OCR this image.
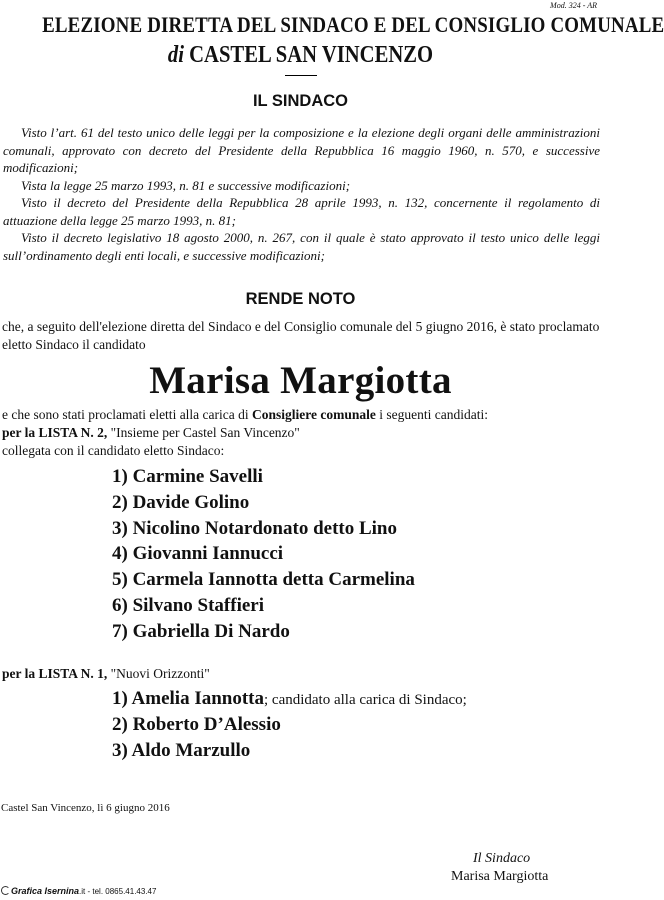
Mod. 324 - AR
ELEZIONE DIRETTA DEL SINDACO E DEL CONSIGLIO COMUNALE
di CASTEL SAN VINCENZO
IL SINDACO

Visto l’art. 61 del testo unico delle leggi per la composizione e la elezione degli organi delle amministrazioni comunali, approvato con decreto del Presidente della Repubblica 16 maggio 1960, n. 570, e successive modificazioni;

Vista la legge 25 marzo 1993, n. 81 e successive modificazioni;

Visto il decreto del Presidente della Repubblica 28 aprile 1993, n. 132, concernente il regolamento di attuazione della legge 25 marzo 1993, n. 81;

Visto il decreto legislativo 18 agosto 2000, n. 267, con il quale è stato approvato il testo unico delle leggi sull’ordinamento degli enti locali, e successive modificazioni;

RENDE NOTO

che, a seguito dell'elezione diretta del Sindaco e del Consiglio comunale del 5 giugno 2016, è stato proclamato eletto Sindaco il candidato

Marisa Margiotta

e che sono stati proclamati eletti alla carica di Consigliere comunale i seguenti candidati:

per la LISTA N. 2, "Insieme per Castel San Vincenzo"

collegata con il candidato eletto Sindaco:

1) Carmine Savelli
2) Davide Golino
3) Nicolino Notardonato detto Lino
4) Giovanni Iannucci
5) Carmela Iannotta detta Carmelina
6) Silvano Staffieri
7) Gabriella Di Nardo

per la LISTA N. 1, "Nuovi Orizzonti"

1) Amelia Iannotta; candidato alla carica di Sindaco;
2) Roberto D’Alessio
3) Aldo Marzullo
Castel San Vincenzo, lì 6 giugno 2016
Il Sindaco
Marisa Margiotta
Grafica Isernina.it - tel. 0865.41.43.47
